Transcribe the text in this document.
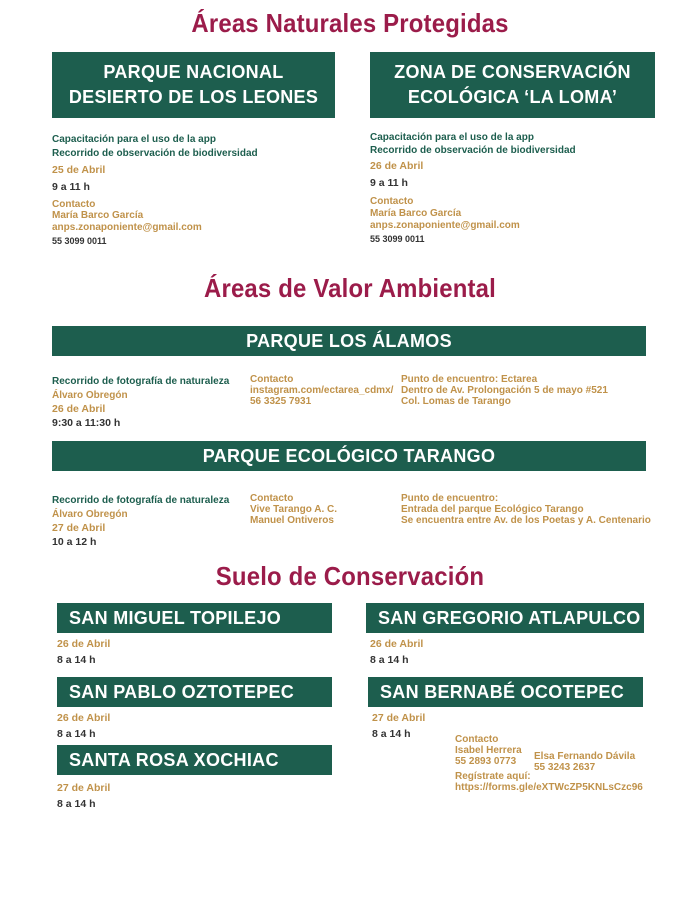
Áreas Naturales Protegidas
PARQUE NACIONAL
DESIERTO DE LOS LEONES
Capacitación para el uso de la app
Recorrido de observación de biodiversidad
25 de Abril
9 a 11 h
Contacto
María Barco García
anps.zonaponiente@gmail.com
55 3099 0011
ZONA DE CONSERVACIÓN
ECOLÓGICA ‘LA LOMA’
Capacitación para el uso de la app
Recorrido de observación de biodiversidad
26 de Abril
9 a 11 h
Contacto
María Barco García
anps.zonaponiente@gmail.com
55 3099 0011
Áreas de Valor Ambiental
PARQUE LOS ÁLAMOS
Recorrido de fotografía de naturaleza
Álvaro Obregón
26 de Abril
9:30 a 11:30 h
Contacto
instagram.com/ectarea_cdmx/
56 3325 7931
Punto de encuentro: Ectarea
Dentro de Av. Prolongación 5 de mayo #521
Col. Lomas de Tarango
PARQUE ECOLÓGICO TARANGO
Recorrido de fotografía de naturaleza
Álvaro Obregón
27 de Abril
10 a 12 h
Contacto
Vive Tarango A. C.
Manuel Ontiveros
Punto de encuentro:
Entrada del parque Ecológico Tarango
Se encuentra entre Av. de los Poetas y A. Centenario
Suelo de Conservación
SAN MIGUEL TOPILEJO
26 de Abril
8 a 14 h
SAN GREGORIO ATLAPULCO
26 de Abril
8 a 14 h
SAN PABLO OZTOTEPEC
26 de Abril
8 a 14 h
SAN BERNABÉ OCOTEPEC
27 de Abril
8 a 14 h
SANTA ROSA XOCHIAC
27 de Abril
8 a 14 h
Contacto
Isabel Herrera
55 2893 0773 Elsa Fernando Dávila
55 3243 2637
Regístrate aquí:
https://forms.gle/eXTWcZP5KNLsCzc96
